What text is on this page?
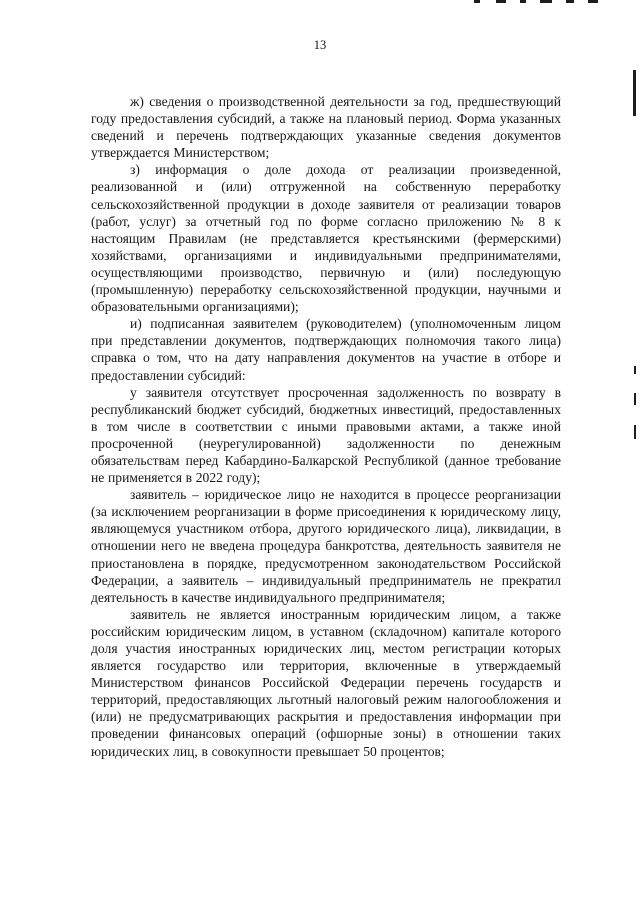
13

ж) сведения о производственной деятельности за год, предшествующий году предоставления субсидий, а также на плановый период. Форма указанных сведений и перечень подтверждающих указанные сведения документов утверждается Министерством;

з) информация о доле дохода от реализации произведенной, реализованной и (или) отгруженной на собственную переработку сельскохозяйственной продукции в доходе заявителя от реализации товаров (работ, услуг) за отчетный год по форме согласно приложению № 8 к настоящим Правилам (не представляется крестьянскими (фермерскими) хозяйствами, организациями и индивидуальными предпринимателями, осуществляющими производство, первичную и (или) последующую (промышленную) переработку сельскохозяйственной продукции, научными и образовательными организациями);

и) подписанная заявителем (руководителем) (уполномоченным лицом при представлении документов, подтверждающих полномочия такого лица) справка о том, что на дату направления документов на участие в отборе и предоставлении субсидий:

у заявителя отсутствует просроченная задолженность по возврату в республиканский бюджет субсидий, бюджетных инвестиций, предоставленных в том числе в соответствии с иными правовыми актами, а также иной просроченной (неурегулированной) задолженности по денежным обязательствам перед Кабардино-Балкарской Республикой (данное требование не применяется в 2022 году);

заявитель – юридическое лицо не находится в процессе реорганизации (за исключением реорганизации в форме присоединения к юридическому лицу, являющемуся участником отбора, другого юридического лица), ликвидации, в отношении него не введена процедура банкротства, деятельность заявителя не приостановлена в порядке, предусмотренном законодательством Российской Федерации, а заявитель – индивидуальный предприниматель не прекратил деятельность в качестве индивидуального предпринимателя;

заявитель не является иностранным юридическим лицом, а также российским юридическим лицом, в уставном (складочном) капитале которого доля участия иностранных юридических лиц, местом регистрации которых является государство или территория, включенные в утверждаемый Министерством финансов Российской Федерации перечень государств и территорий, предоставляющих льготный налоговый режим налогообложения и (или) не предусматривающих раскрытия и предоставления информации при проведении финансовых операций (офшорные зоны) в отношении таких юридических лиц, в совокупности превышает 50 процентов;
